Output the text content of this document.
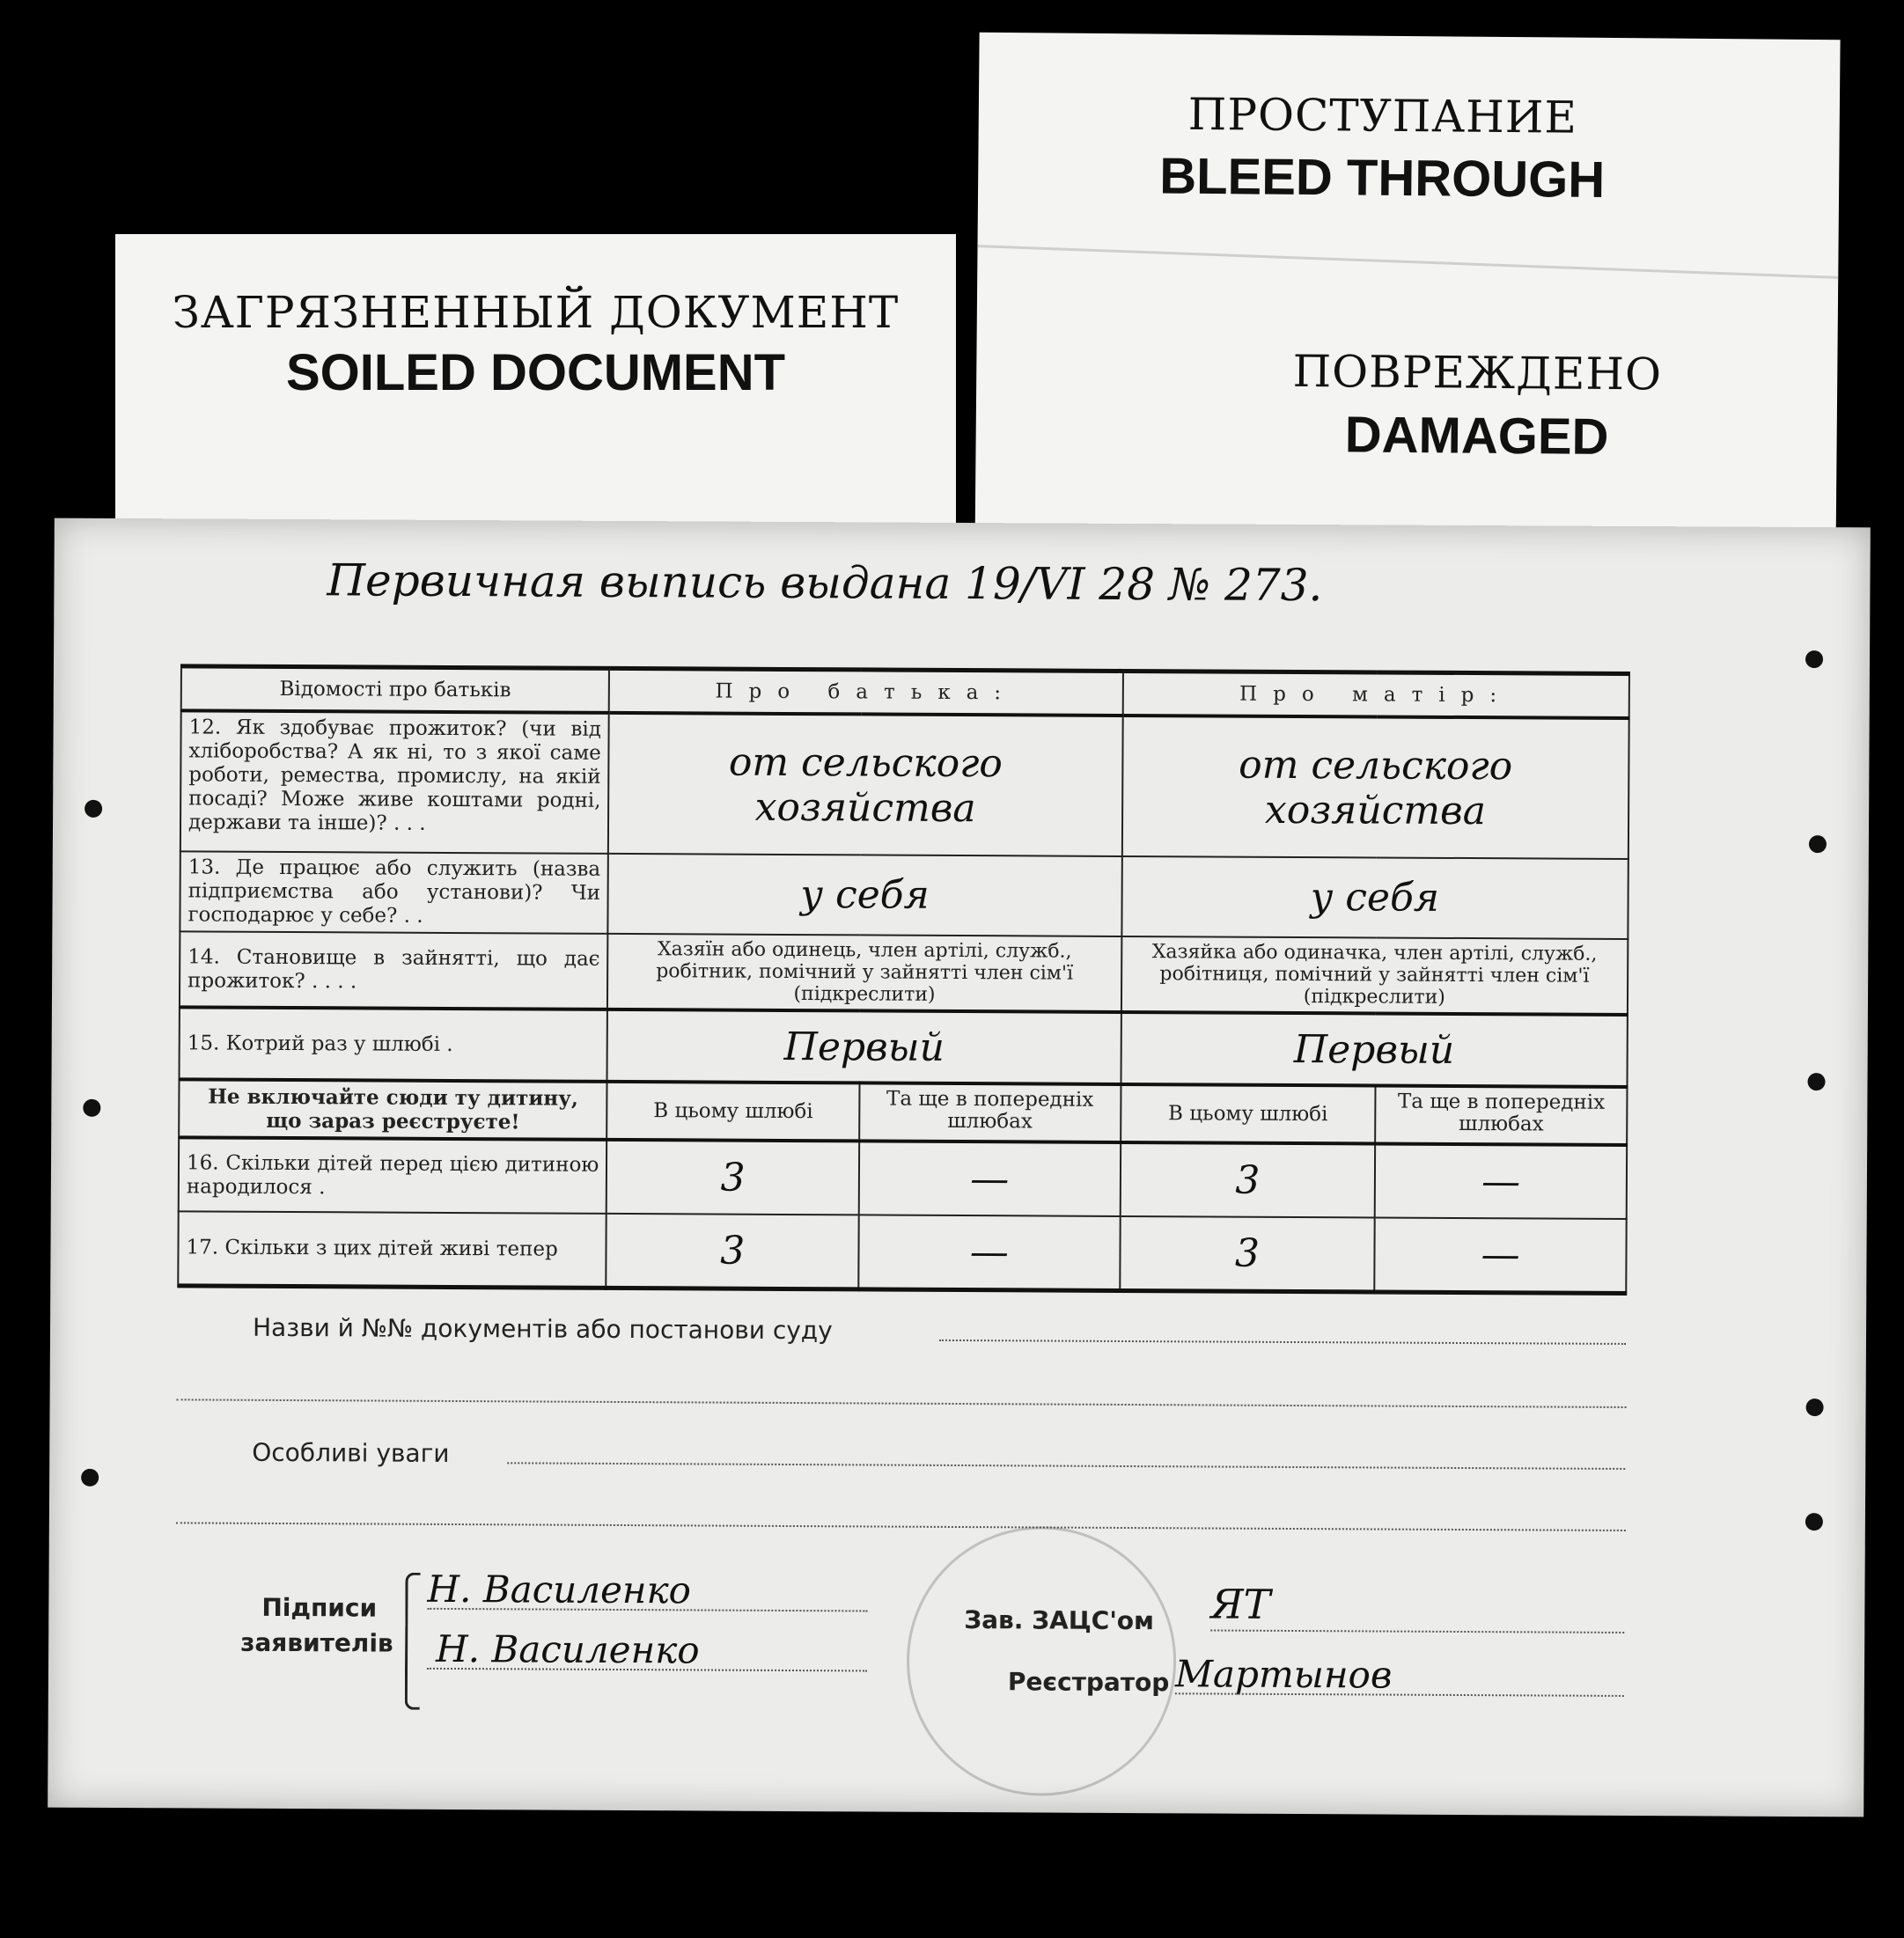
ЗАГРЯЗНЕННЫЙ ДОКУМЕНТ
SOILED DOCUMENT
ПРОСТУПАНИЕ
BLEED THROUGH
ПОВРЕЖДЕНО
DAMAGED
Первичная выпись выдана 19/VI 28 № 273.
Відомості про батьків	Про батька:		Про матір:	
12. Як здобуває прожиток? (чи від хліборобства? А як ні, то з якої саме роботи, ремества, промислу, на якій посаді? Може живе коштами родні, держави та інше)? . . .	от сельского хозяйства		от сельского хозяйства	
13. Де працює або служить (назва підприємства або установи)? Чи господарює у себе? . .	у себя		у себя	
14. Становище в зайнятті, що дає прожиток? . . . .	Хазяїн або одинець, член артілі, служб., робітник, помічний у зайнятті член сім'ї (підкреслити)		Хазяйка або одиначка, член артілі, служб., робітниця, помічний у зайнятті член сім'ї (підкреслити)	
15. Котрий раз у шлюбі .	Первый		Первый	
Не включайте сюди ту дитину, що зараз реєструєте!	В цьому шлюбі	Та ще в попередніх шлюбах	В цьому шлюбі	Та ще в попередніх шлюбах
16. Скільки дітей перед цією дитиною народилося .	3	—	3	—
17. Скільки з цих дітей живі тепер	3	—	3	—
Назви й №№ документів або постанови суду
Особливі уваги
Підписи
заявителів
Н. Василенко
Н. Василенко
Зав. ЗАЦС'ом ЯТ
Реєстратор Мартынов
